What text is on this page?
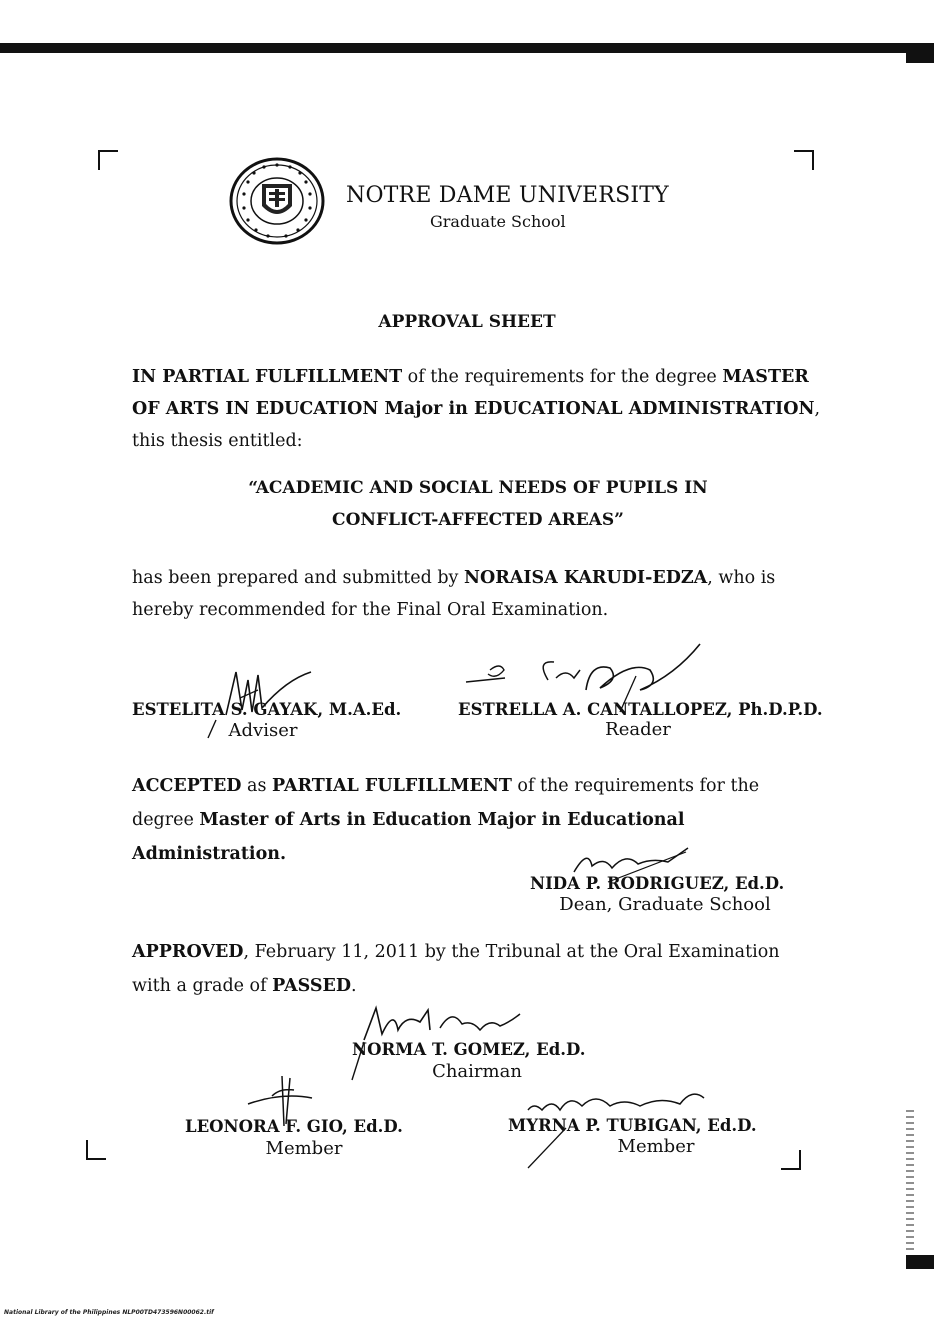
NOTRE DAME UNIVERSITY
Graduate School
APPROVAL SHEET
IN PARTIAL FULFILLMENT of the requirements for the degree MASTER OF ARTS IN EDUCATION Major in EDUCATIONAL ADMINISTRATION, this thesis entitled:
“ACADEMIC AND SOCIAL NEEDS OF PUPILS IN
CONFLICT-AFFECTED AREAS”
has been prepared and submitted by NORAISA KARUDI-EDZA, who is hereby recommended for the Final Oral Examination.
ESTELITA S. GAYAK, M.A.Ed.
Adviser
ESTRELLA A. CANTALLOPEZ, Ph.D.P.D.
Reader
ACCEPTED as PARTIAL FULFILLMENT of the requirements for the degree Master of Arts in Education Major in Educational Administration.
NIDA P. RODRIGUEZ, Ed.D.
Dean, Graduate School
APPROVED, February 11, 2011 by the Tribunal at the Oral Examination with a grade of PASSED.
NORMA T. GOMEZ, Ed.D.
Chairman
LEONORA F. GIO, Ed.D.
Member
MYRNA P. TUBIGAN, Ed.D.
Member
National Library of the Philippines NLP00TD473596N00062.tif
